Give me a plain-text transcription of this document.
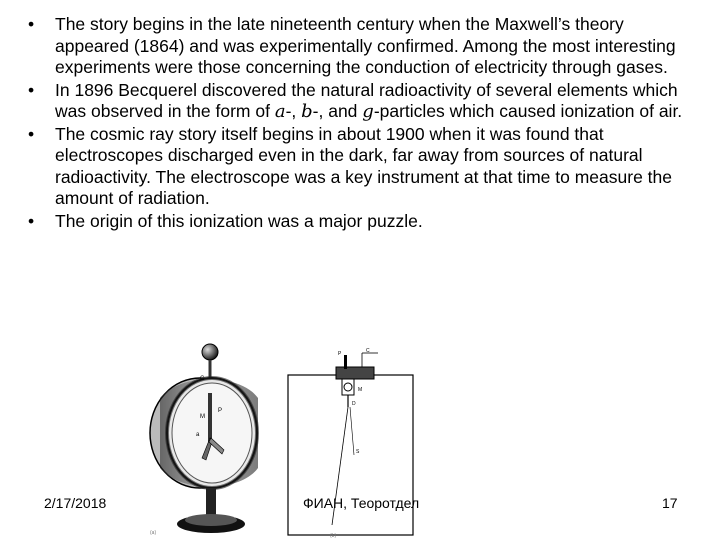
• The story begins in the late nineteenth century when the Maxwell’s theory appeared (1864) and was experimentally confirmed. Among the most interesting experiments were those concerning the conduction of electricity through gases.
• In 1896 Becquerel discovered the natural radioactivity of several elements which was observed in the form of a-, b-, and g-particles which caused ionization of air.
• The cosmic ray story itself begins in about 1900 when it was found that electroscopes discharged even in the dark, far away from sources of natural radioactivity. The electroscope was a key instrument at that time to measure the amount of radiation.
• The origin of this ionization was a major puzzle.
C
M
P
a
(a)
P	C
M
D
S
(b)
2/17/2018	ФИАН, Теоротдел	17
